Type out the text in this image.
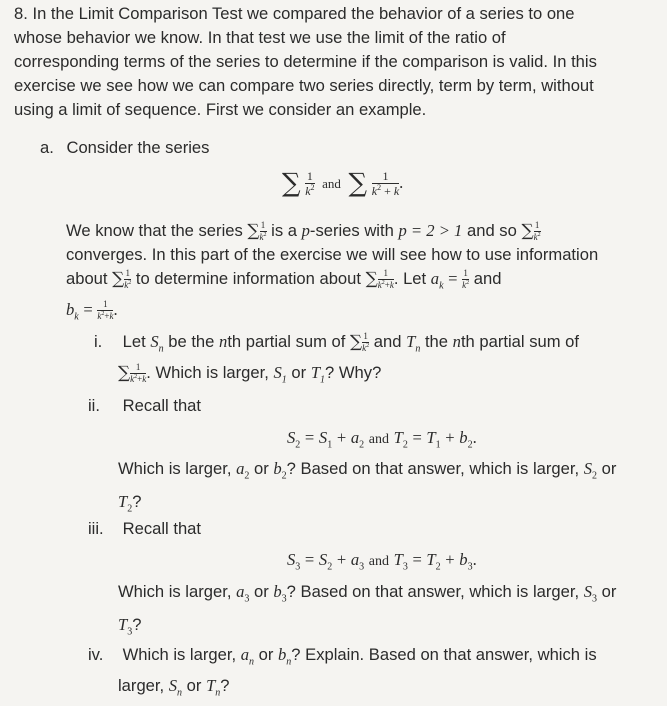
8. In the Limit Comparison Test we compared the behavior of a series to one
whose behavior we know. In that test we use the limit of the ratio of
corresponding terms of the series to determine if the comparison is valid. In this
exercise we see how we can compare two series directly, term by term, without
using a limit of sequence. First we consider an example.
a. Consider the series
∑ $\frac{1}{k^2}$ and ∑ $\frac{1}{k^2 + k}$ .
We know that the series ∑ $\frac{1}{k^2}$ is a p-series with p = 2 > 1 and so ∑ $\frac{1}{k^2}$
converges. In this part of the exercise we will see how to use information
about ∑ $\frac{1}{k^2}$ to determine information about ∑ $\frac{1}{k^2+k}$ . Let $a_k = \frac{1}{k^2}$ and
$b_k = \frac{1}{k^2+k}$ .
i. Let $S_n$ be the nth partial sum of ∑ $\frac{1}{k^2}$ and $T_n$ the nth partial sum of
∑ $\frac{1}{k^2+k}$ . Which is larger, $S_1$ or $T_1$? Why?
ii. Recall that
$S_2 = S_1 + a_2$ and $T_2 = T_1 + b_2$.
Which is larger, $a_2$ or $b_2$? Based on that answer, which is larger, $S_2$ or
$T_2$?
iii. Recall that
$S_3 = S_2 + a_3$ and $T_3 = T_2 + b_3$.
Which is larger, $a_3$ or $b_3$? Based on that answer, which is larger, $S_3$ or
$T_3$?
iv. Which is larger, $a_n$ or $b_n$? Explain. Based on that answer, which is
larger, $S_n$ or $T_n$?
